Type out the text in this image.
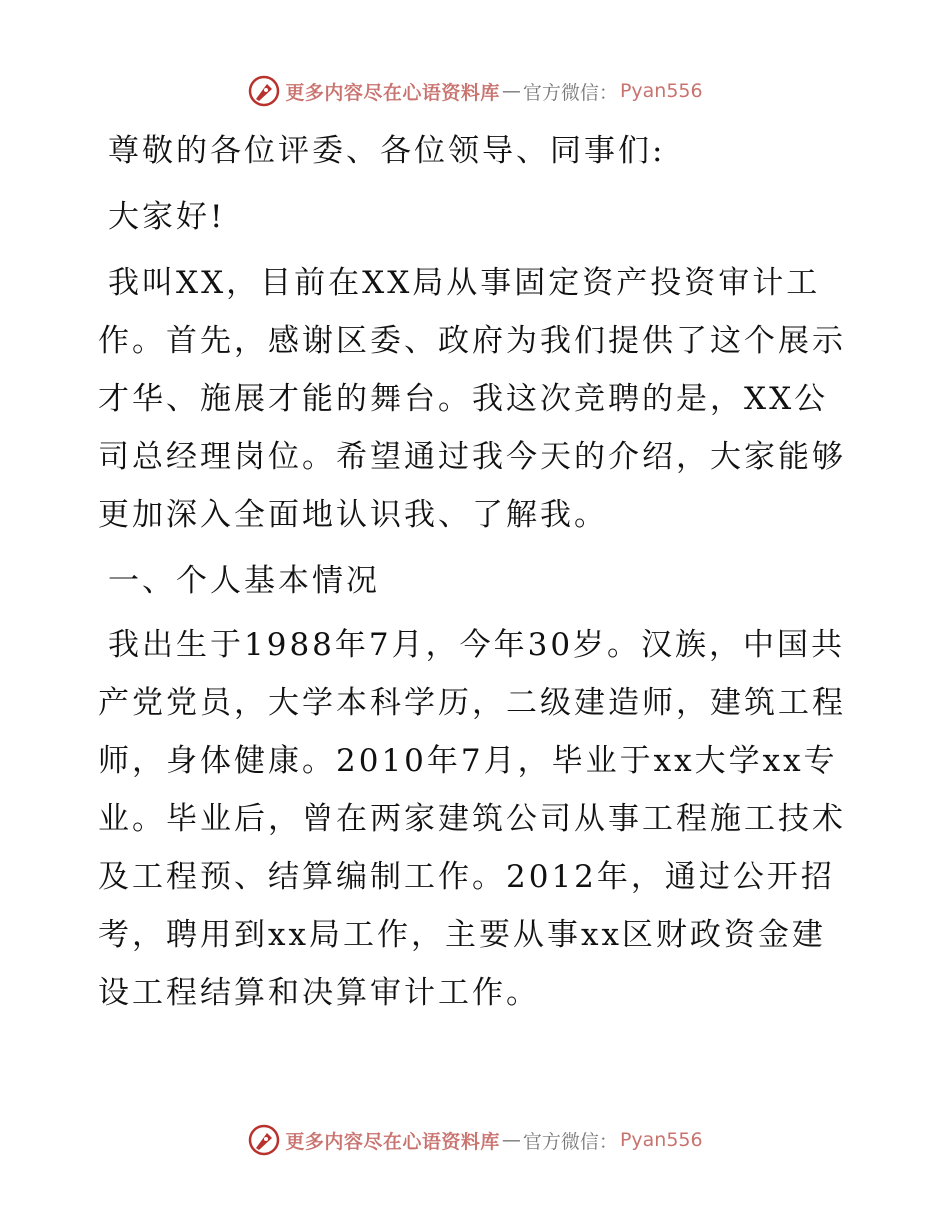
更多内容尽在心语资料库 — 官方微信： Pyan556

尊敬的各位评委、各位领导、同事们:

大家好!

我叫XX，目前在XX局从事固定资产投资审计工作。首先，感谢区委、政府为我们提供了这个展示才华、施展才能的舞台。我这次竞聘的是，XX公司总经理岗位。希望通过我今天的介绍，大家能够更加深入全面地认识我、了解我。

一、个人基本情况

我出生于1988年7月，今年30岁。汉族，中国共产党党员，大学本科学历，二级建造师，建筑工程师，身体健康。2010年7月，毕业于xx大学xx专业。毕业后，曾在两家建筑公司从事工程施工技术及工程预、结算编制工作。2012年，通过公开招考，聘用到xx局工作，主要从事xx区财政资金建设工程结算和决算审计工作。

更多内容尽在心语资料库 — 官方微信： Pyan556
